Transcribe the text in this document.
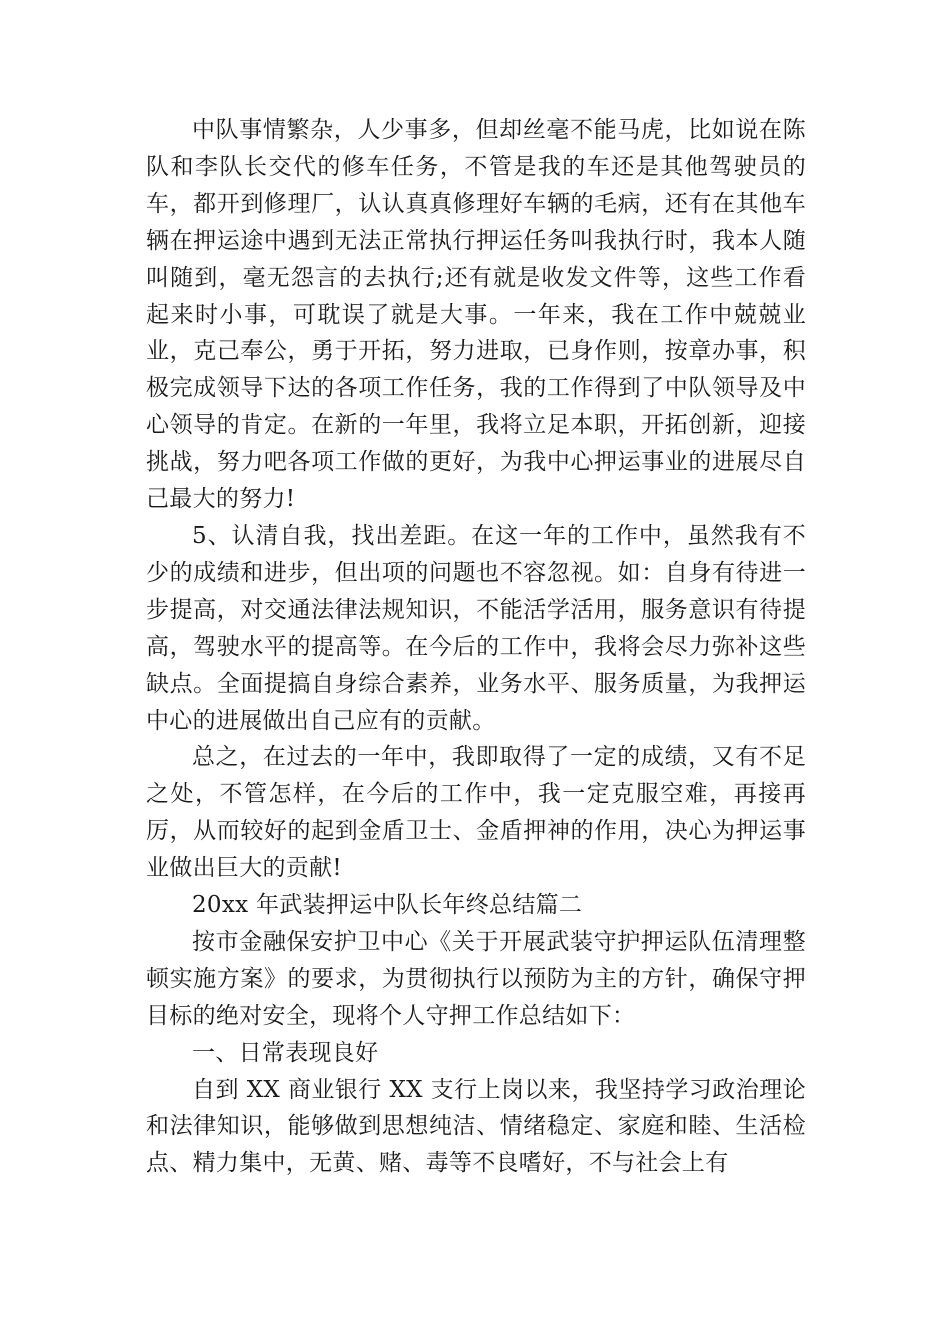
中队事情繁杂，人少事多，但却丝毫不能马虎，比如说在陈队和李队长交代的修车任务，不管是我的车还是其他驾驶员的车，都开到修理厂，认认真真修理好车辆的毛病，还有在其他车辆在押运途中遇到无法正常执行押运任务叫我执行时，我本人随叫随到，毫无怨言的去执行;还有就是收发文件等，这些工作看起来时小事，可耽误了就是大事。一年来，我在工作中兢兢业业，克己奉公，勇于开拓，努力进取，已身作则，按章办事，积极完成领导下达的各项工作任务，我的工作得到了中队领导及中心领导的肯定。在新的一年里，我将立足本职，开拓创新，迎接挑战，努力吧各项工作做的更好，为我中心押运事业的进展尽自己最大的努力!

5、认清自我，找出差距。在这一年的工作中，虽然我有不少的成绩和进步，但出项的问题也不容忽视。如：自身有待进一步提高，对交通法律法规知识，不能活学活用，服务意识有待提高，驾驶水平的提高等。在今后的工作中，我将会尽力弥补这些缺点。全面提搞自身综合素养，业务水平、服务质量，为我押运中心的进展做出自己应有的贡献。

总之，在过去的一年中，我即取得了一定的成绩，又有不足之处，不管怎样，在今后的工作中，我一定克服空难，再接再厉，从而较好的起到金盾卫士、金盾押神的作用，决心为押运事业做出巨大的贡献!

20xx 年武装押运中队长年终总结篇二

按市金融保安护卫中心《关于开展武装守护押运队伍清理整顿实施方案》的要求，为贯彻执行以预防为主的方针，确保守押目标的绝对安全，现将个人守押工作总结如下：

一、日常表现良好

自到 XX 商业银行 XX 支行上岗以来，我坚持学习政治理论和法律知识，能够做到思想纯洁、情绪稳定、家庭和睦、生活检点、精力集中，无黄、赌、毒等不良嗜好，不与社会上有
